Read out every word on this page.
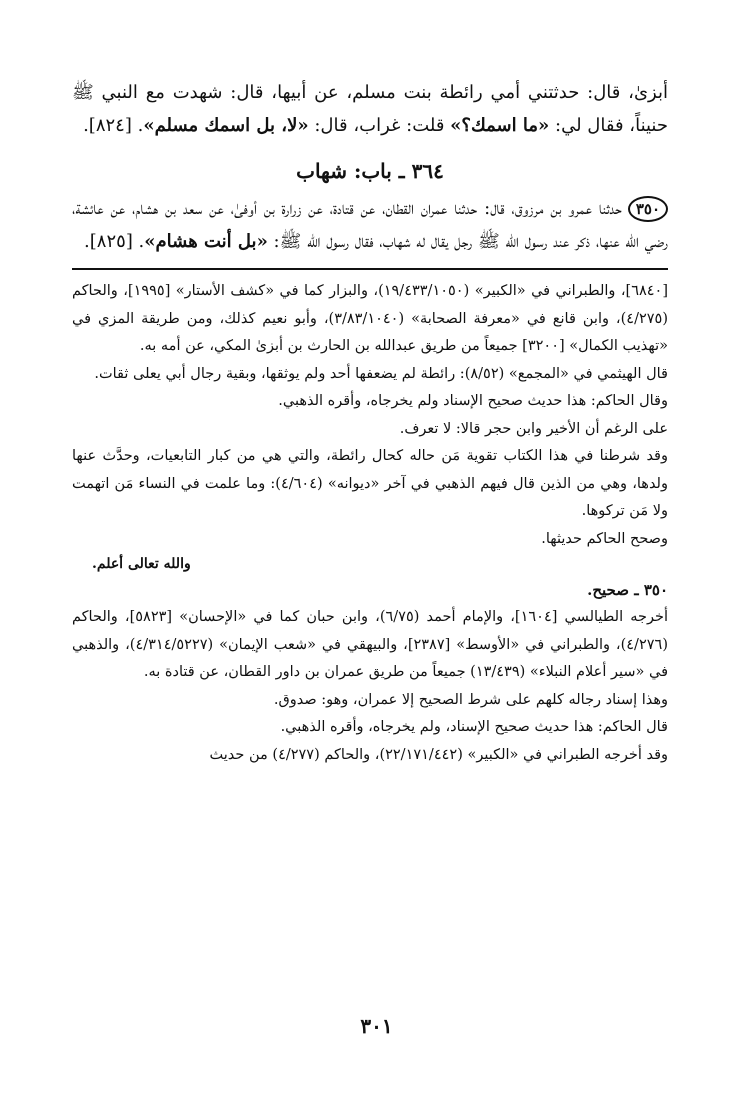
أبزىٰ، قال: حدثتني أمي رائطة بنت مسلم، عن أبيها، قال: شهدت مع النبي ﷺ حنيناً، فقال لي: «ما اسمك؟» قلت: غراب، قال: «لا، بل اسمك مسلم». [٨٢٤].

٣٦٤ ـ باب: شهاب

٣٥٠حدثنا عمرو بن مرزوق، قال: حدثنا عمران القطان، عن قتادة، عن زرارة بن أوفىٰ، عن سعد بن هشام، عن عائشة، رضي الله عنها، ذكر عند رسول الله ﷺ رجل يقال له شهاب، فقال رسول الله ﷺ: «بل أنت هشام». [٨٢٥].

[٦٨٤٠]، والطبراني في «الكبير» (١٩/٤٣٣/١٠٥٠)، والبزار كما في «كشف الأستار» [١٩٩٥]، والحاكم (٤/٢٧٥)، وابن قانع في «معرفة الصحابة» (٣/٨٣/١٠٤٠)، وأبو نعيم كذلك، ومن طريقة المزي في «تهذيب الكمال» [٣٢٠٠] جميعاً من طريق عبدالله بن الحارث بن أبزىٰ المكي، عن أمه به.

قال الهيثمي في «المجمع» (٨/٥٢): رائطة لم يضعفها أحد ولم يوثقها، وبقية رجال أبي يعلى ثقات.

وقال الحاكم: هذا حديث صحيح الإسناد ولم يخرجاه، وأقره الذهبي.

على الرغم أن الأخير وابن حجر قالا: لا تعرف.

وقد شرطنا في هذا الكتاب تقوية مَن حاله كحال رائطة، والتي هي من كبار التابعيات، وحدَّث عنها ولدها، وهي من الذين قال فيهم الذهبي في آخر «ديوانه» (٤/٦٠٤): وما علمت في النساء مَن اتهمت ولا مَن تركوها.

وصحح الحاكم حديثها.

والله تعالى أعلم.
٣٥٠ ـ صحيح.

أخرجه الطيالسي [١٦٠٤]، والإمام أحمد (٦/٧٥)، وابن حبان كما في «الإحسان» [٥٨٢٣]، والحاكم (٤/٢٧٦)، والطبراني في «الأوسط» [٢٣٨٧]، والبيهقي في «شعب الإيمان» (٤/٣١٤/٥٢٢٧)، والذهبي في «سير أعلام النبلاء» (١٣/٤٣٩) جميعاً من طريق عمران بن داور القطان، عن قتادة به.

وهذا إسناد رجاله كلهم على شرط الصحيح إلا عمران، وهو: صدوق.

قال الحاكم: هذا حديث صحيح الإسناد، ولم يخرجاه، وأقره الذهبي.

وقد أخرجه الطبراني في «الكبير» (٢٢/١٧١/٤٤٢)، والحاكم (٤/٢٧٧) من حديث

٣٠١
